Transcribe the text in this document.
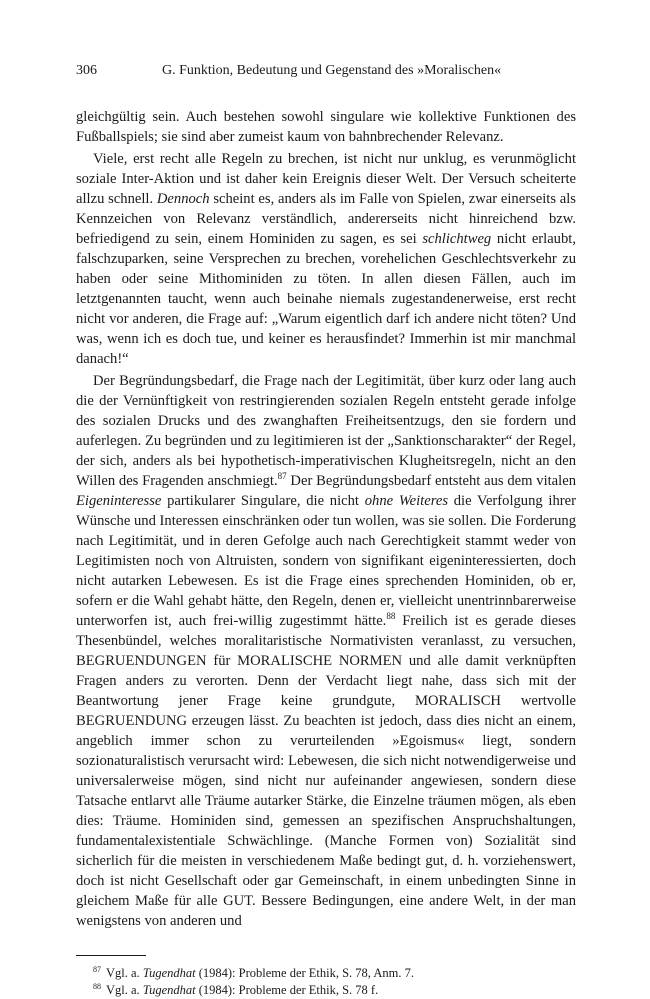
306	G. Funktion, Bedeutung und Gegenstand des »Moralischen«

gleichgültig sein. Auch bestehen sowohl singulare wie kollektive Funktionen des Fußballspiels; sie sind aber zumeist kaum von bahnbrechender Relevanz.

Viele, erst recht alle Regeln zu brechen, ist nicht nur unklug, es verunmöglicht soziale Inter-Aktion und ist daher kein Ereignis dieser Welt. Der Versuch scheiterte allzu schnell. Dennoch scheint es, anders als im Falle von Spielen, zwar einerseits als Kennzeichen von Relevanz verständlich, andererseits nicht hinreichend bzw. befriedigend zu sein, einem Hominiden zu sagen, es sei schlichtweg nicht erlaubt, falschzuparken, seine Versprechen zu brechen, vorehelichen Geschlechtsverkehr zu haben oder seine Mithominiden zu töten. In allen diesen Fällen, auch im letztgenannten taucht, wenn auch beinahe niemals zugestandenerweise, erst recht nicht vor anderen, die Frage auf: „Warum eigentlich darf ich andere nicht töten? Und was, wenn ich es doch tue, und keiner es herausfindet? Immerhin ist mir manchmal danach!“

Der Begründungsbedarf, die Frage nach der Legitimität, über kurz oder lang auch die der Vernünftigkeit von restringierenden sozialen Regeln entsteht gerade infolge des sozialen Drucks und des zwanghaften Freiheitsentzugs, den sie fordern und auferlegen. Zu begründen und zu legitimieren ist der „Sanktionscharakter“ der Regel, der sich, anders als bei hypothetisch-imperativischen Klugheitsregeln, nicht an den Willen des Fragenden anschmiegt.$^{87}$ Der Begründungsbedarf entsteht aus dem vitalen Eigeninteresse partikularer Singulare, die nicht ohne Weiteres die Verfolgung ihrer Wünsche und Interessen einschränken oder tun wollen, was sie sollen. Die Forderung nach Legitimität, und in deren Gefolge auch nach Gerechtigkeit stammt weder von Legitimisten noch von Altruisten, sondern von signifikant eigeninteressierten, doch nicht autarken Lebewesen. Es ist die Frage eines sprechenden Hominiden, ob er, sofern er die Wahl gehabt hätte, den Regeln, denen er, vielleicht unentrinnbarerweise unterworfen ist, auch frei-willig zugestimmt hätte.$^{88}$ Freilich ist es gerade dieses Thesenbündel, welches moralitaristische Normativisten veranlasst, zu versuchen, BEGRUENDUNGEN für MORALISCHE NORMEN und alle damit verknüpften Fragen anders zu verorten. Denn der Verdacht liegt nahe, dass sich mit der Beantwortung jener Frage keine grundgute, MORALISCH wertvolle BEGRUENDUNG erzeugen lässt. Zu beachten ist jedoch, dass dies nicht an einem, angeblich immer schon zu verurteilenden »Egoismus« liegt, sondern sozionaturalistisch verursacht wird: Lebewesen, die sich nicht notwendigerweise und universalerweise mögen, sind nicht nur aufeinander angewiesen, sondern diese Tatsache entlarvt alle Träume autarker Stärke, die Einzelne träumen mögen, als eben dies: Träume. Hominiden sind, gemessen an spezifischen Anspruchshaltungen, fundamentalexistentiale Schwächlinge. (Manche Formen von) Sozialität sind sicherlich für die meisten in verschiedenem Maße bedingt gut, d. h. vorziehenswert, doch ist nicht Gesellschaft oder gar Gemeinschaft, in einem unbedingten Sinne in gleichem Maße für alle GUT. Bessere Bedingungen, eine andere Welt, in der man wenigstens von anderen und

$^{87}$ Vgl. a. Tugendhat (1984): Probleme der Ethik, S. 78, Anm. 7.
$^{88}$ Vgl. a. Tugendhat (1984): Probleme der Ethik, S. 78 f.
